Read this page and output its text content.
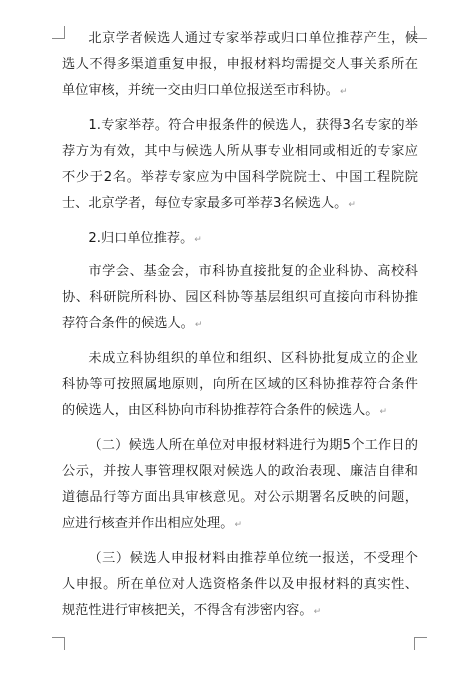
北京学者候选人通过专家举荐或归口单位推荐产生，候选人不得多渠道重复申报，申报材料均需提交人事关系所在单位审核，并统一交由归口单位报送至市科协。↵

1.专家举荐。符合申报条件的候选人，获得3名专家的举荐方为有效，其中与候选人所从事专业相同或相近的专家应不少于2名。举荐专家应为中国科学院院士、中国工程院院士、北京学者，每位专家最多可举荐3名候选人。↵

2.归口单位推荐。↵

市学会、基金会，市科协直接批复的企业科协、高校科协、科研院所科协、园区科协等基层组织可直接向市科协推荐符合条件的候选人。↵

未成立科协组织的单位和组织、区科协批复成立的企业科协等可按照属地原则，向所在区域的区科协推荐符合条件的候选人，由区科协向市科协推荐符合条件的候选人。↵

（二）候选人所在单位对申报材料进行为期5个工作日的公示，并按人事管理权限对候选人的政治表现、廉洁自律和道德品行等方面出具审核意见。对公示期署名反映的问题，应进行核查并作出相应处理。↵

（三）候选人申报材料由推荐单位统一报送，不受理个人申报。所在单位对人选资格条件以及申报材料的真实性、规范性进行审核把关，不得含有涉密内容。↵
